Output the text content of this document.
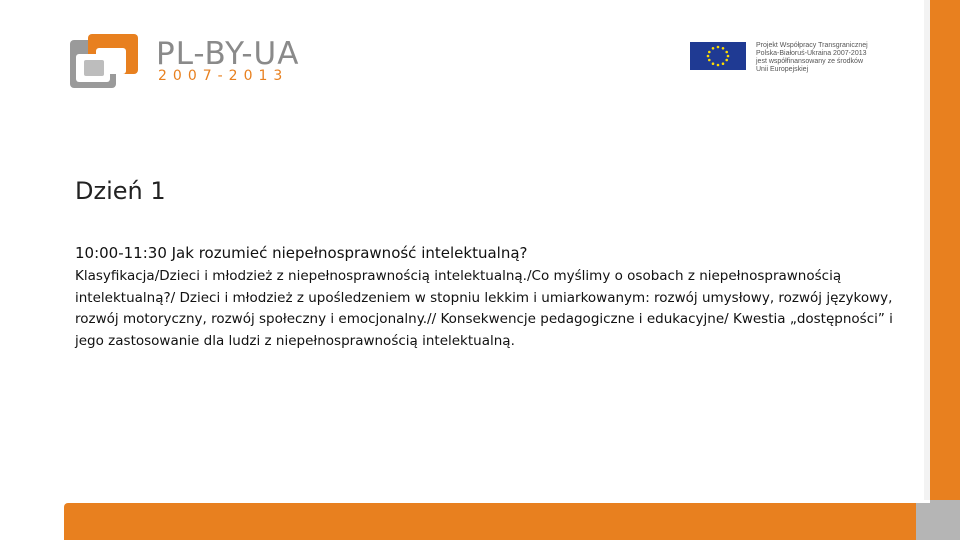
PL-BY-UA
2007-2013
Projekt Współpracy Transgranicznej
Polska-Białoruś-Ukraina 2007-2013
jest współfinansowany ze środków
Unii Europejskiej
Dzień 1
10:00-11:30 Jak rozumieć niepełnosprawność intelektualną?
Klasyfikacja/Dzieci i młodzież z niepełnosprawnością intelektualną./Co myślimy o osobach z niepełnosprawnością intelektualną?/ Dzieci i młodzież z upośledzeniem w stopniu lekkim i umiarkowanym: rozwój umysłowy, rozwój językowy, rozwój motoryczny, rozwój społeczny i emocjonalny.// Konsekwencje pedagogiczne i edukacyjne/ Kwestia „dostępności” i jego zastosowanie dla ludzi z niepełnosprawnością intelektualną.
